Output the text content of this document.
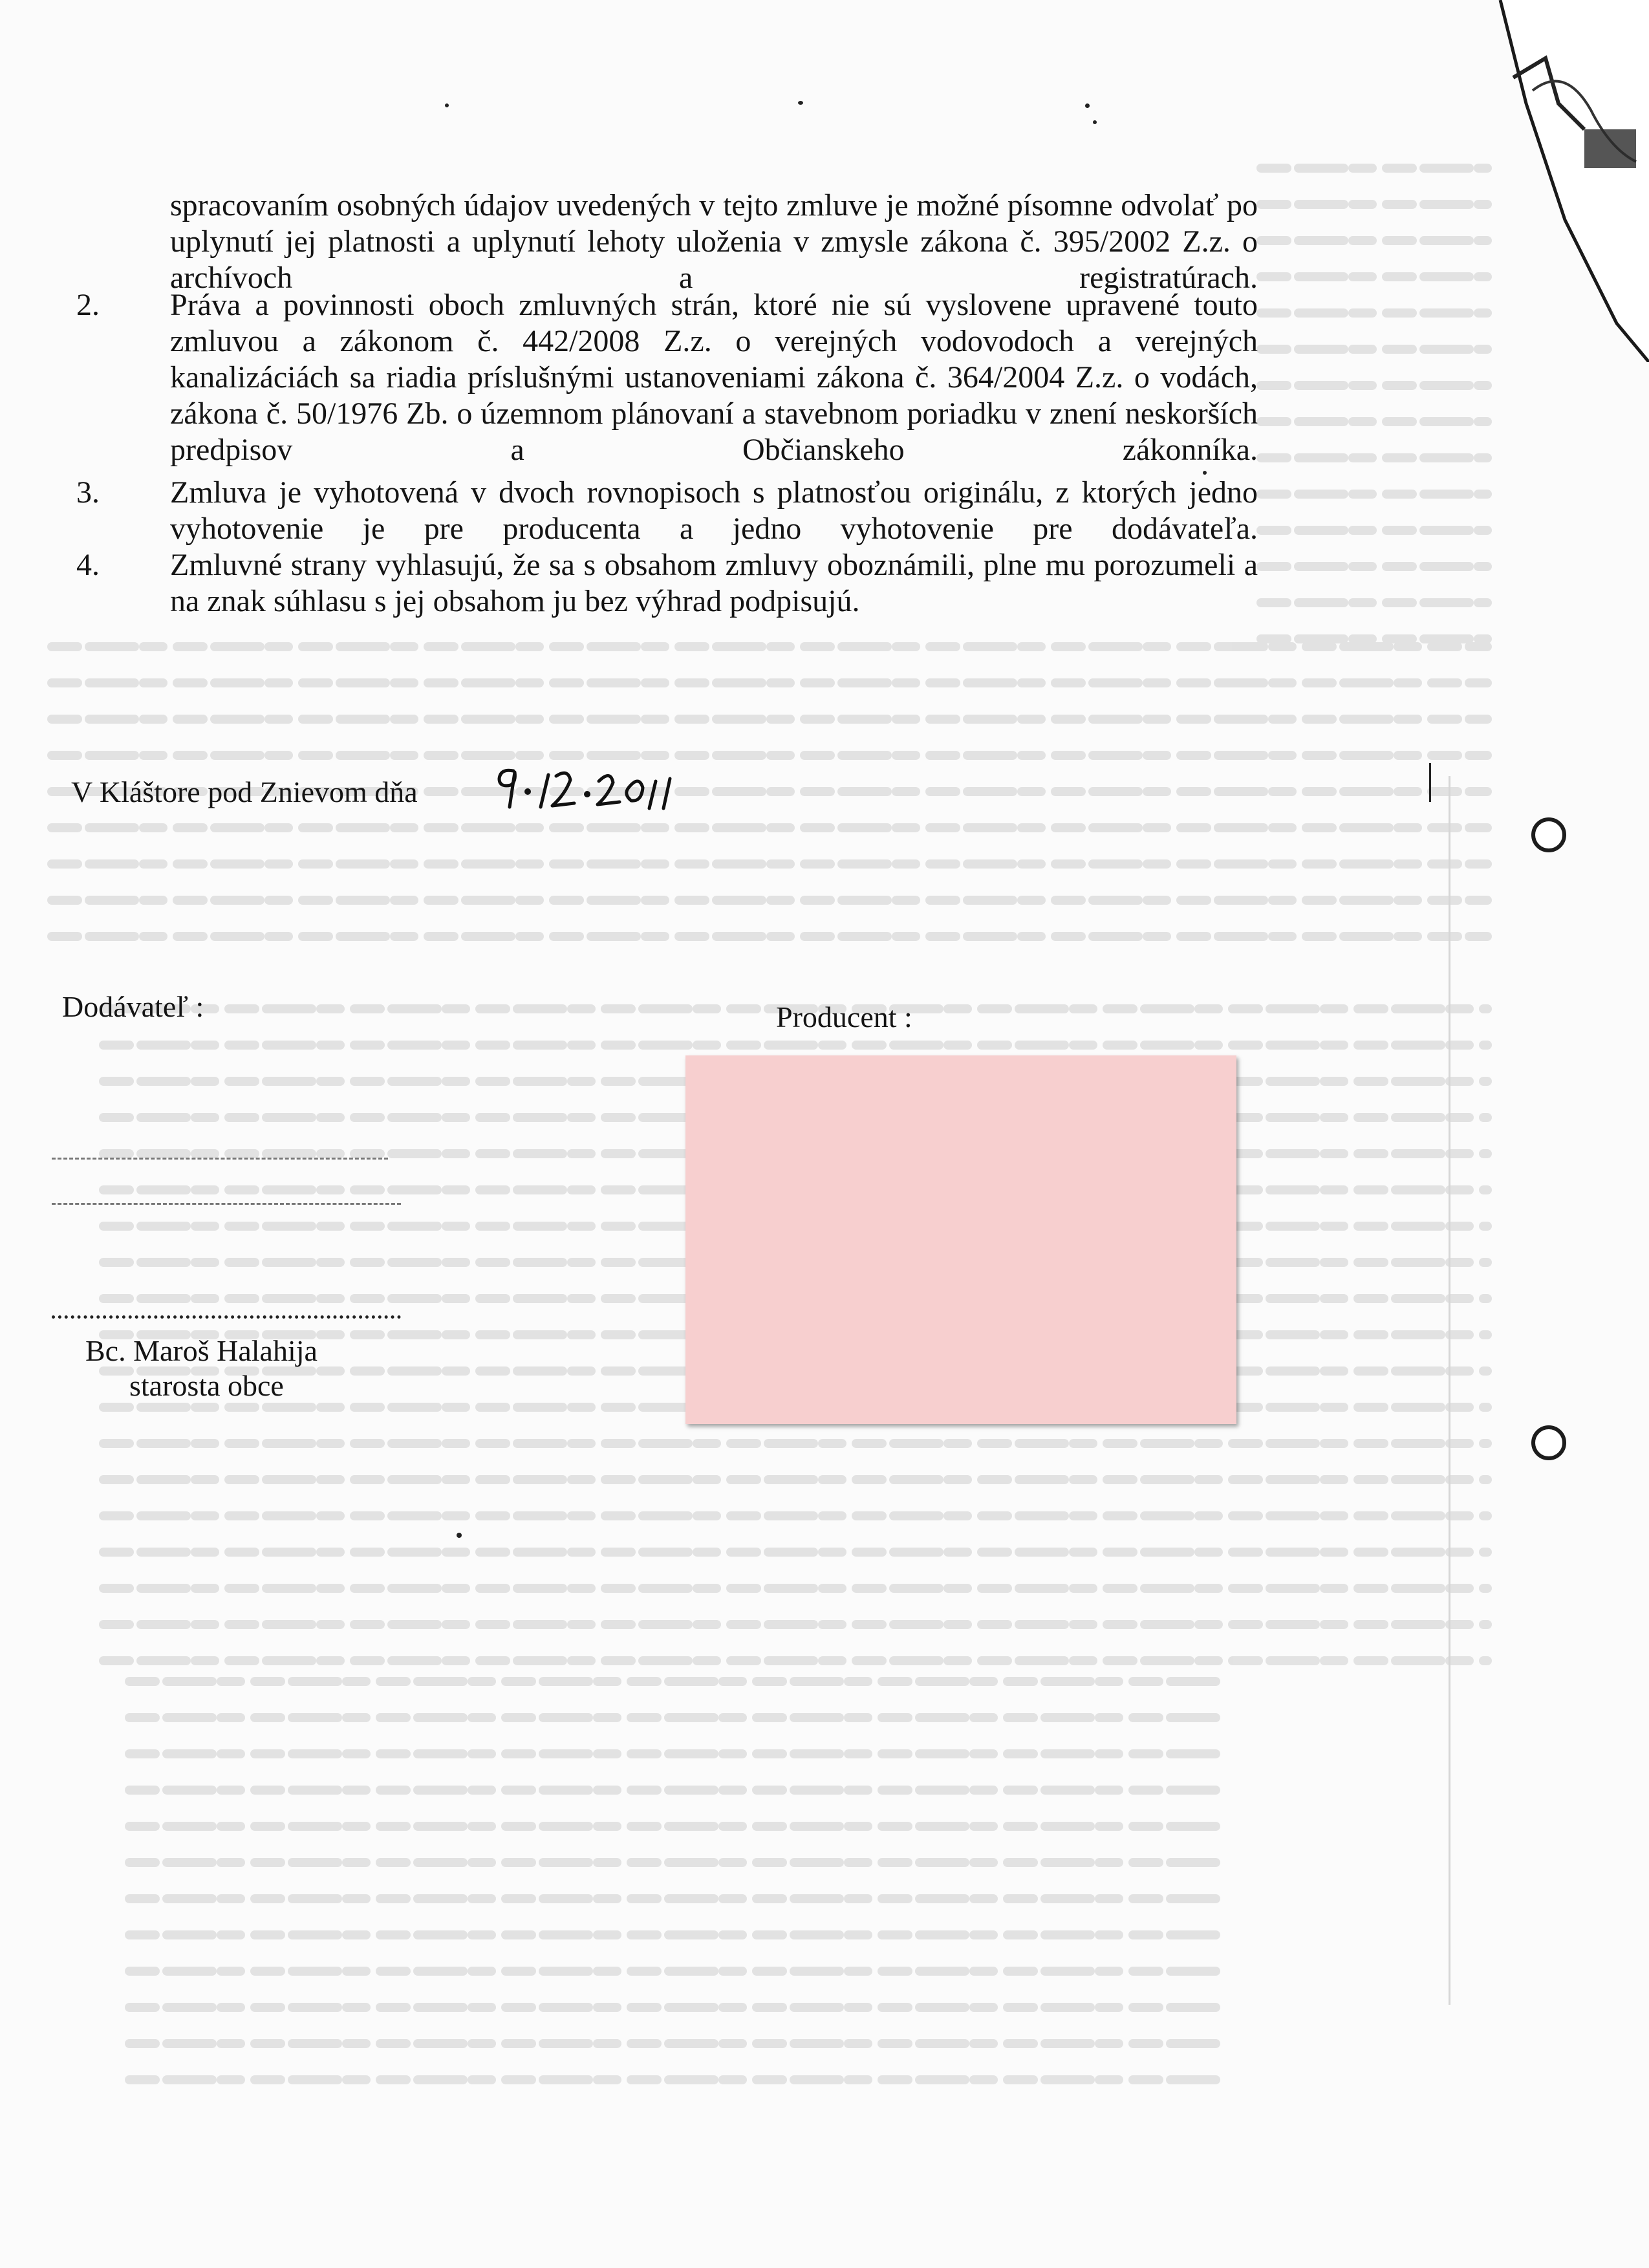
spracovaním osobných údajov uvedených v tejto zmluve je možné písomne odvolať po uplynutí jej platnosti a uplynutí lehoty uloženia v zmysle zákona č. 395/2002 Z.z. o archívoch a registratúrach.
2. Práva a povinnosti oboch zmluvných strán, ktoré nie sú vyslovene upravené touto zmluvou a zákonom č. 442/2008 Z.z. o verejných vodovodoch a verejných kanalizáciách sa riadia príslušnými ustanoveniami zákona č. 364/2004 Z.z. o vodách, zákona č. 50/1976 Zb. o územnom plánovaní a stavebnom poriadku v znení neskorších predpisov a Občianskeho zákonníka.
3. Zmluva je vyhotovená v dvoch rovnopisoch s platnosťou originálu, z ktorých jedno vyhotovenie je pre producenta a jedno vyhotovenie pre dodávateľa.
4. Zmluvné strany vyhlasujú, že sa s obsahom zmluvy oboznámili, plne mu porozumeli a na znak súhlasu s jej obsahom ju bez výhrad podpisujú.
V Kláštore pod Znievom dňa
Dodávateľ :	Producent :
Bc. Maroš Halahija
starosta obce
